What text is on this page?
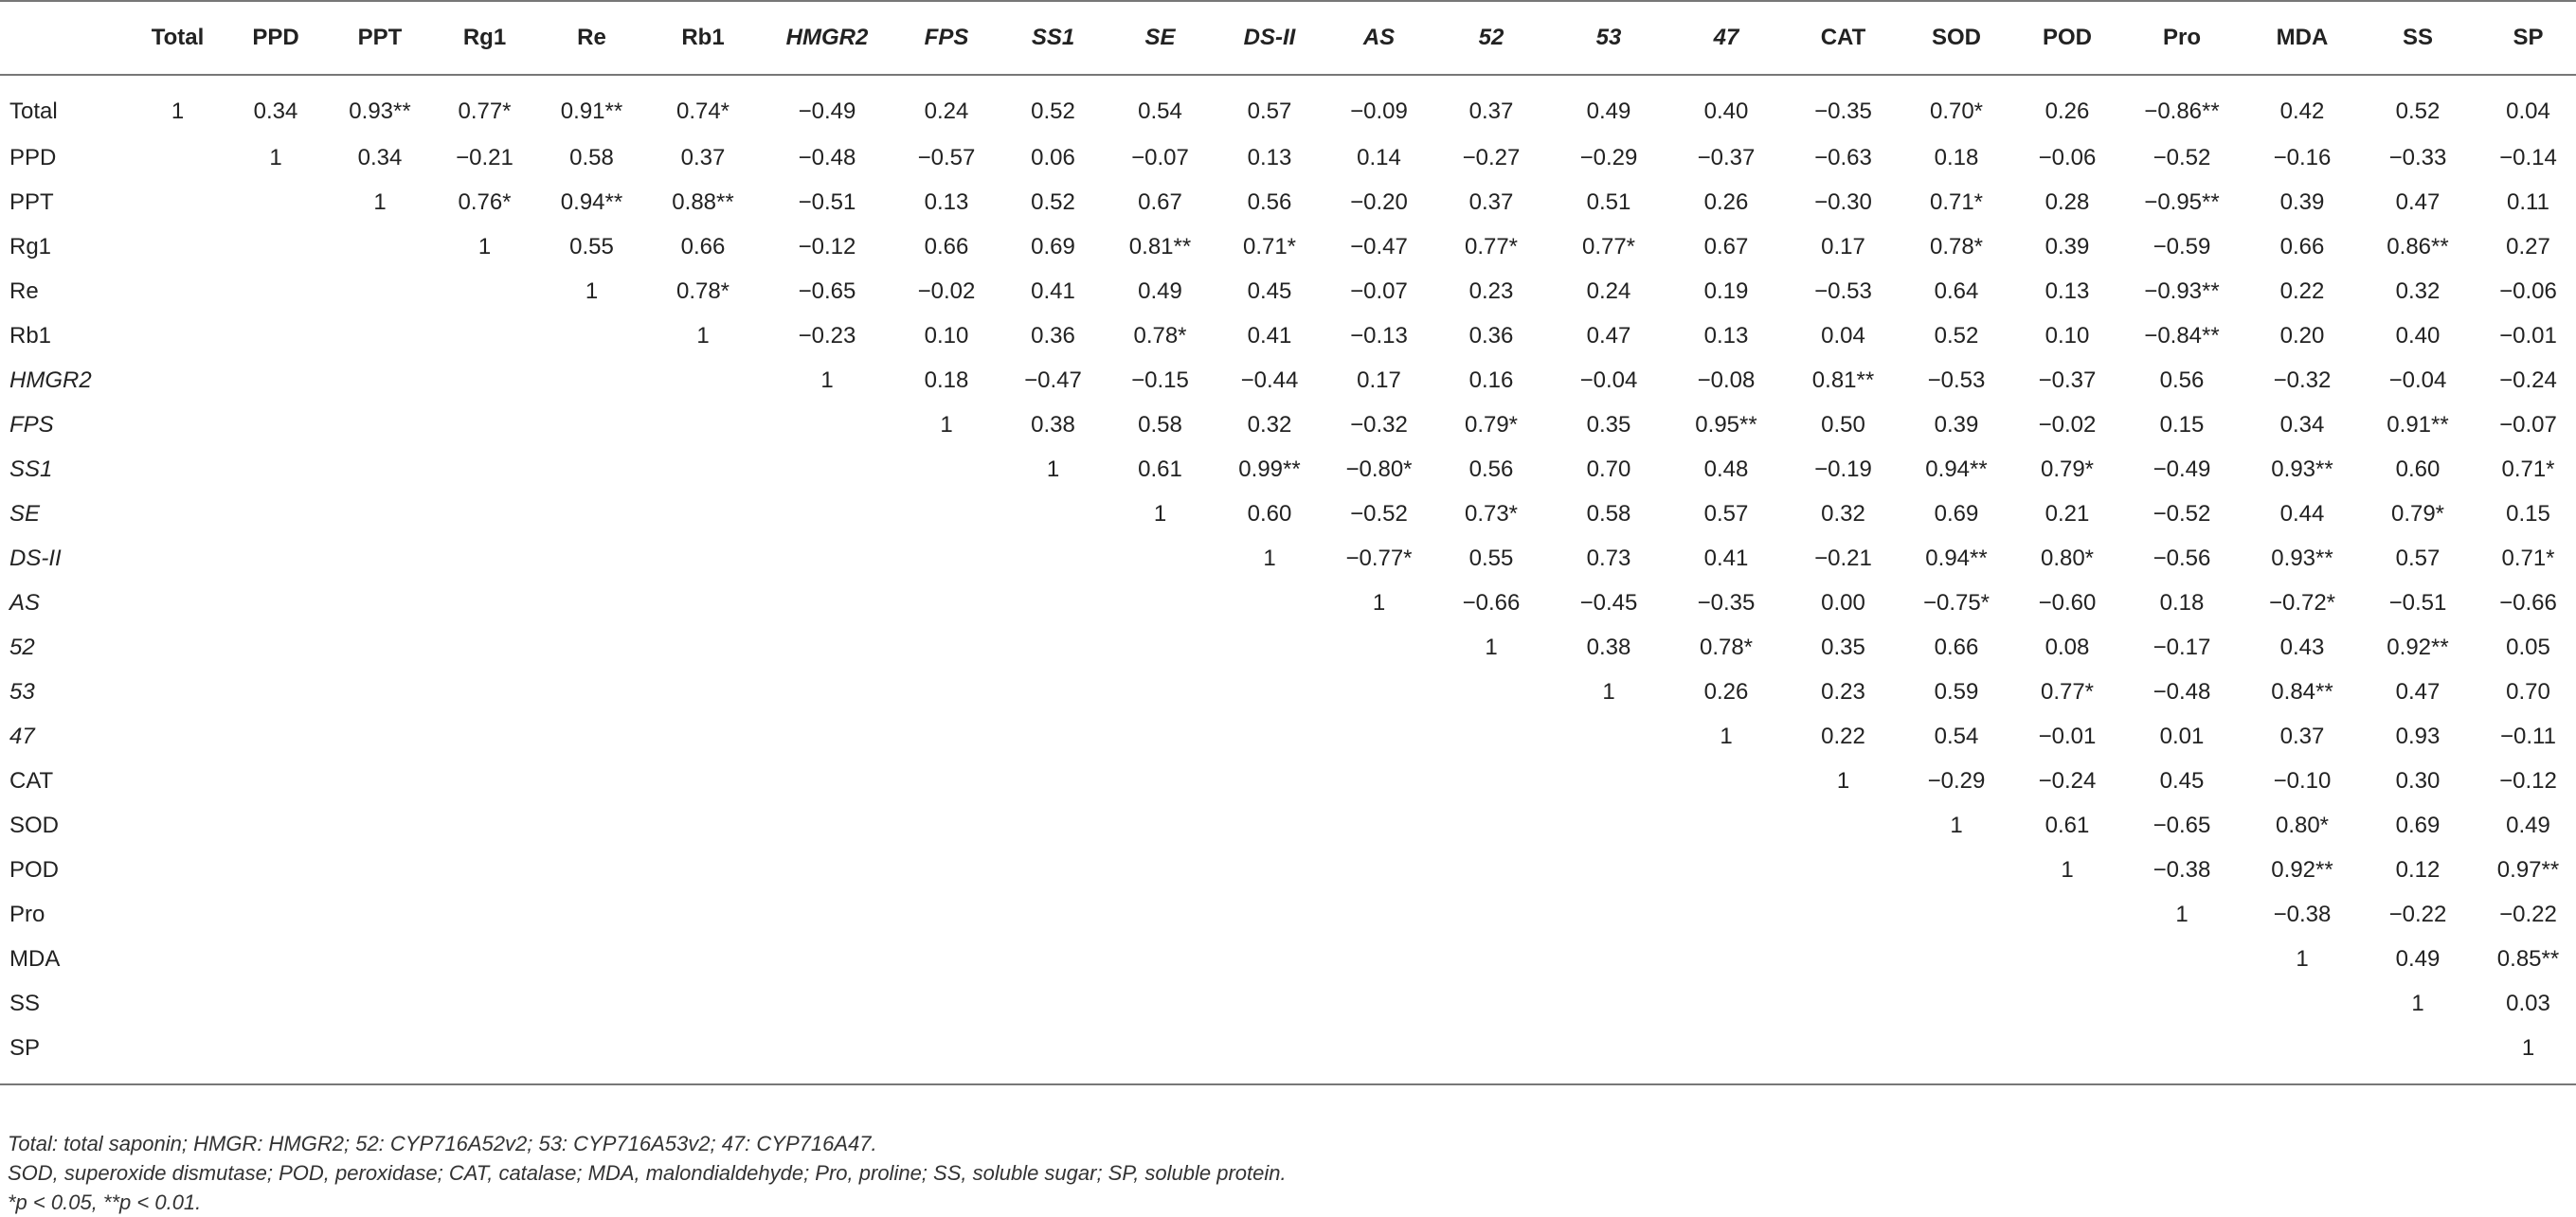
	Total	PPD	PPT	Rg1	Re	Rb1	HMGR2	FPS	SS1	SE	DS-II	AS	52	53	47	CAT	SOD	POD	Pro	MDA	SS	SP
Total	1	0.34	0.93**	0.77*	0.91**	0.74*	−0.49	0.24	0.52	0.54	0.57	−0.09	0.37	0.49	0.40	−0.35	0.70*	0.26	−0.86**	0.42	0.52	0.04
PPD		1	0.34	−0.21	0.58	0.37	−0.48	−0.57	0.06	−0.07	0.13	0.14	−0.27	−0.29	−0.37	−0.63	0.18	−0.06	−0.52	−0.16	−0.33	−0.14
PPT			1	0.76*	0.94**	0.88**	−0.51	0.13	0.52	0.67	0.56	−0.20	0.37	0.51	0.26	−0.30	0.71*	0.28	−0.95**	0.39	0.47	0.11
Rg1				1	0.55	0.66	−0.12	0.66	0.69	0.81**	0.71*	−0.47	0.77*	0.77*	0.67	0.17	0.78*	0.39	−0.59	0.66	0.86**	0.27
Re					1	0.78*	−0.65	−0.02	0.41	0.49	0.45	−0.07	0.23	0.24	0.19	−0.53	0.64	0.13	−0.93**	0.22	0.32	−0.06
Rb1						1	−0.23	0.10	0.36	0.78*	0.41	−0.13	0.36	0.47	0.13	0.04	0.52	0.10	−0.84**	0.20	0.40	−0.01
HMGR2							1	0.18	−0.47	−0.15	−0.44	0.17	0.16	−0.04	−0.08	0.81**	−0.53	−0.37	0.56	−0.32	−0.04	−0.24
FPS								1	0.38	0.58	0.32	−0.32	0.79*	0.35	0.95**	0.50	0.39	−0.02	0.15	0.34	0.91**	−0.07
SS1									1	0.61	0.99**	−0.80*	0.56	0.70	0.48	−0.19	0.94**	0.79*	−0.49	0.93**	0.60	0.71*
SE										1	0.60	−0.52	0.73*	0.58	0.57	0.32	0.69	0.21	−0.52	0.44	0.79*	0.15
DS-II											1	−0.77*	0.55	0.73	0.41	−0.21	0.94**	0.80*	−0.56	0.93**	0.57	0.71*
AS												1	−0.66	−0.45	−0.35	0.00	−0.75*	−0.60	0.18	−0.72*	−0.51	−0.66
52													1	0.38	0.78*	0.35	0.66	0.08	−0.17	0.43	0.92**	0.05
53														1	0.26	0.23	0.59	0.77*	−0.48	0.84**	0.47	0.70
47															1	0.22	0.54	−0.01	0.01	0.37	0.93	−0.11
CAT																1	−0.29	−0.24	0.45	−0.10	0.30	−0.12
SOD																	1	0.61	−0.65	0.80*	0.69	0.49
POD																		1	−0.38	0.92**	0.12	0.97**
Pro																			1	−0.38	−0.22	−0.22
MDA																				1	0.49	0.85**
SS																					1	0.03
SP																						1
Total: total saponin; HMGR: HMGR2; 52: CYP716A52v2; 53: CYP716A53v2; 47: CYP716A47.
SOD, superoxide dismutase; POD, peroxidase; CAT, catalase; MDA, malondialdehyde; Pro, proline; SS, soluble sugar; SP, soluble protein.
*p < 0.05, **p < 0.01.
